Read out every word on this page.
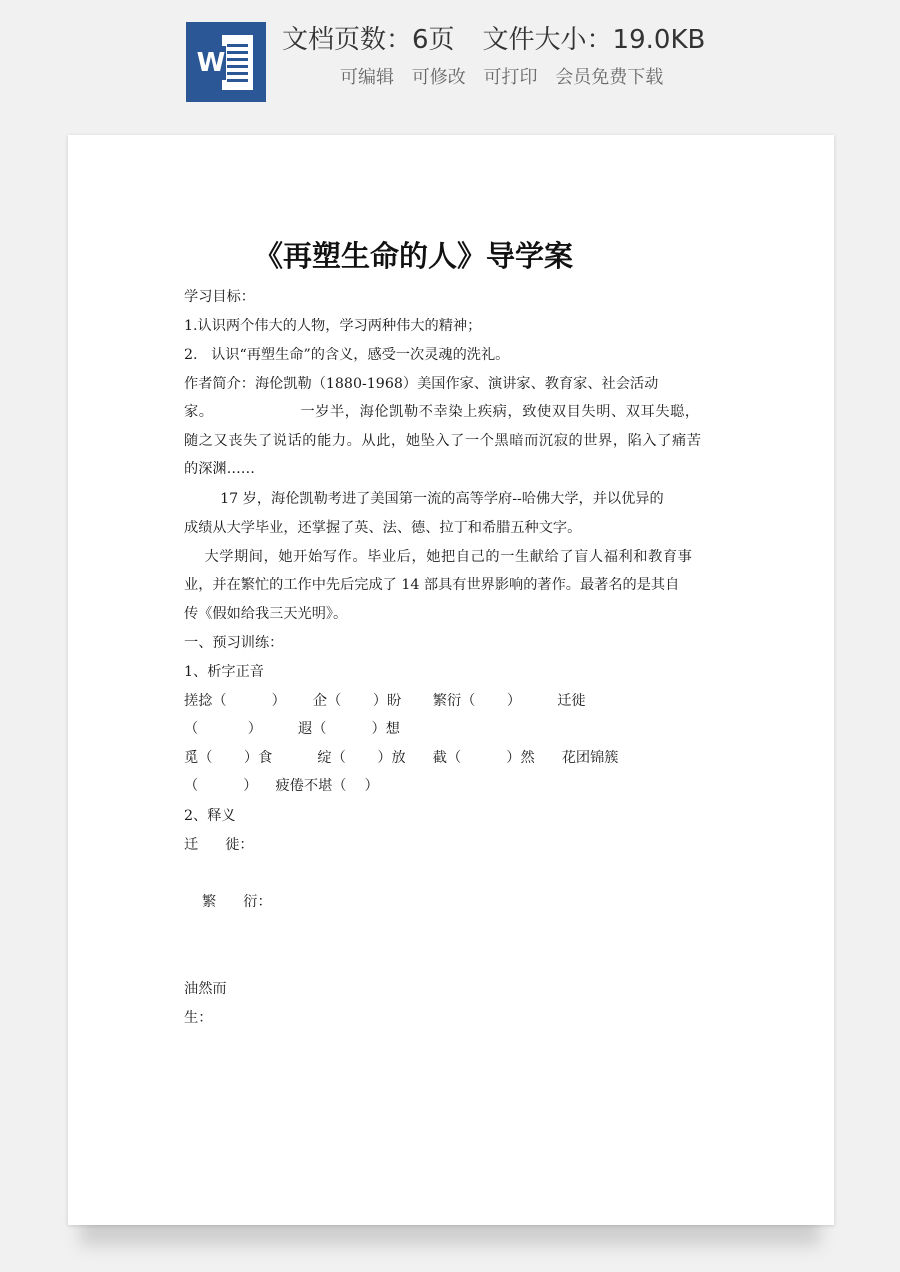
W
文档页数：6页 文件大小：19.0KB
可编辑 可修改 可打印 会员免费下载
《再塑生命的人》导学案
学习目标：
1.认识两个伟大的人物，学习两种伟大的精神；
2.   认识“再塑生命”的含义，感受一次灵魂的洗礼。
作者简介：海伦凯勒（1880-1968）美国作家、演讲家、教育家、社会活动
家。                 一岁半，海伦凯勒不幸染上疾病，致使双目失明、双耳失聪，
随之又丧失了说话的能力。从此，她坠入了一个黑暗而沉寂的世界，陷入了痛苦
的深渊……
17 岁，海伦凯勒考进了美国第一流的高等学府--哈佛大学，并以优异的
成绩从大学毕业，还掌握了英、法、德、拉丁和希腊五种文字。
大学期间，她开始写作。毕业后，她把自己的一生献给了盲人福利和教育事
业，并在繁忙的工作中先后完成了 14 部具有世界影响的著作。最著名的是其自
传《假如给我三天光明》。
一、预习训练：
1、析字正音
搓捻（          ）      企（       ）盼       繁衍（       ）        迁徙
（           ）        遐（          ）想
觅（       ）食          绽（       ）放      截（          ）然      花团锦簇
（          ）    疲倦不堪（    ）
2、释义
迁      徙：
繁      衍：
油然而
生：
